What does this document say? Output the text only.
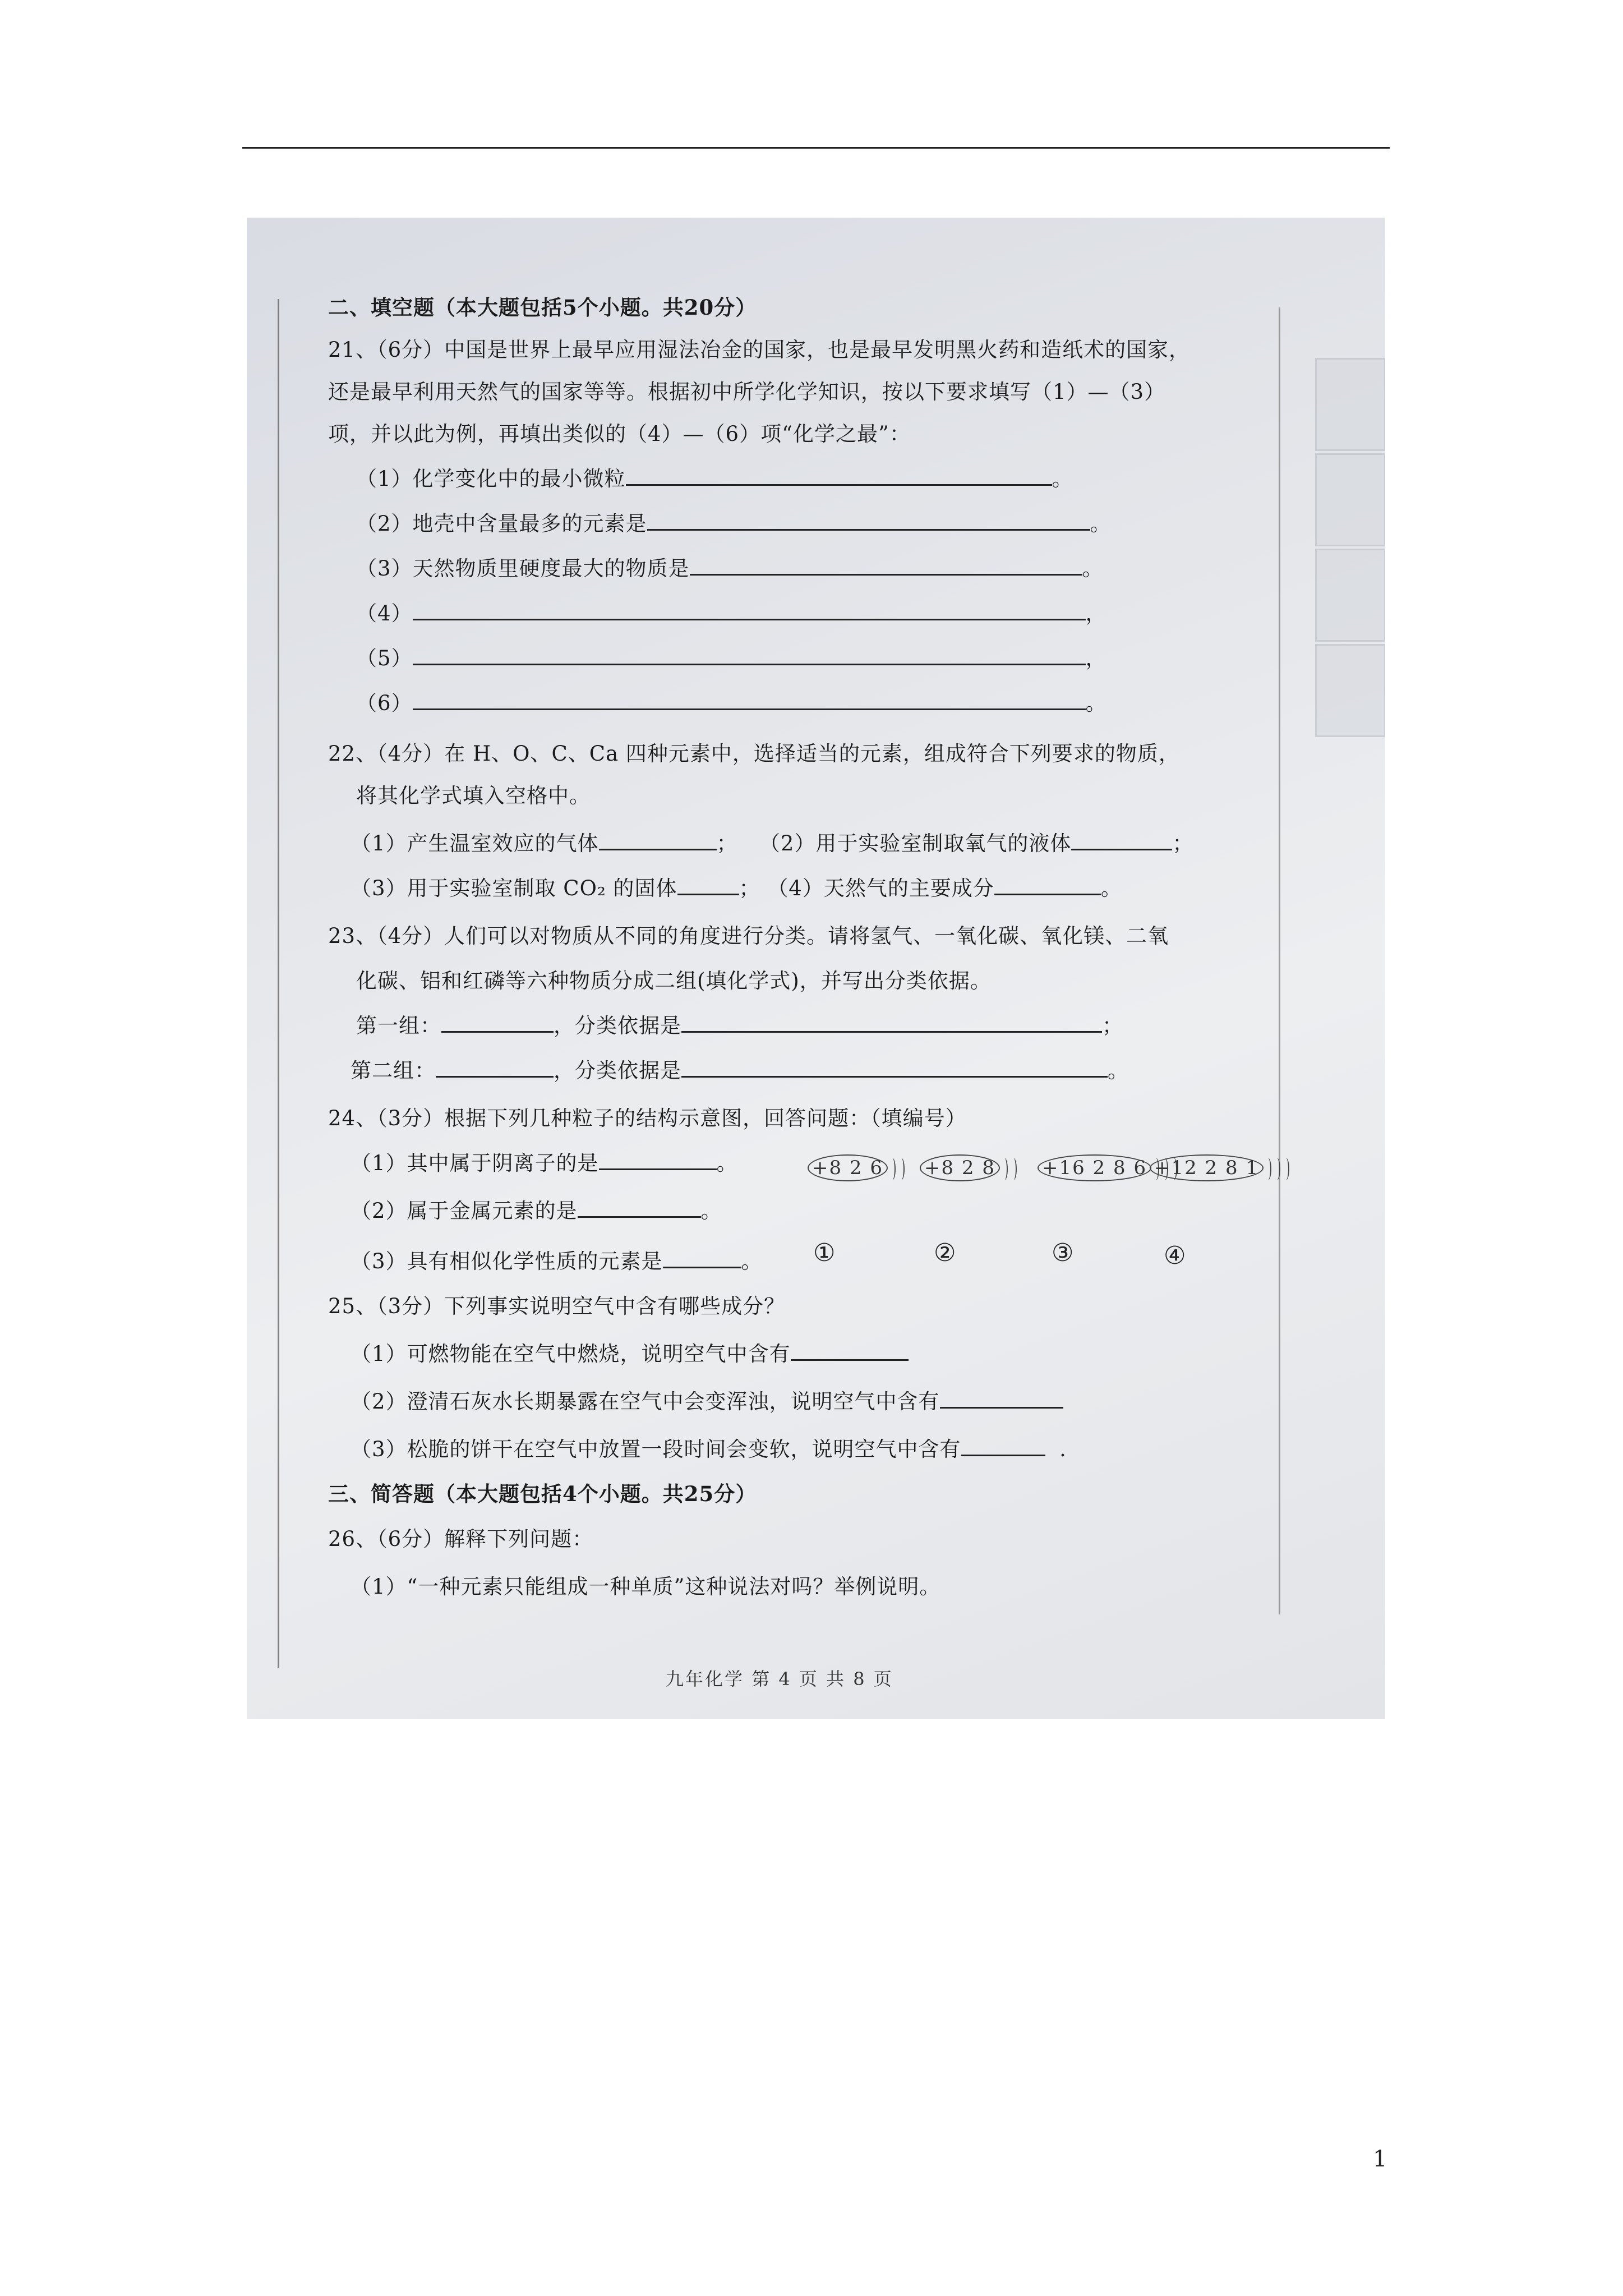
二、填空题（本大题包括5个小题。共20分）
21、（6分）中国是世界上最早应用湿法冶金的国家，也是最早发明黑火药和造纸术的国家，
还是最早利用天然气的国家等等。根据初中所学化学知识，按以下要求填写（1）—（3）
项，并以此为例，再填出类似的（4）—（6）项“化学之最”：
（1）化学变化中的最小微粒	。
（2）地壳中含量最多的元素是	。
（3）天然物质里硬度最大的物质是	。
（4）	，
（5）	，
（6）	。
22、（4分）在 H、O、C、Ca 四种元素中，选择适当的元素，组成符合下列要求的物质，
将其化学式填入空格中。
（1）产生温室效应的气体	；   （2）用于实验室制取氧气的液体	；
（3）用于实验室制取 CO₂ 的固体	； （4）天然气的主要成分	。
23、（4分）人们可以对物质从不同的角度进行分类。请将氢气、一氧化碳、氧化镁、二氧
化碳、铝和红磷等六种物质分成二组(填化学式)，并写出分类依据。
第一组：	，分类依据是	；
第二组：	，分类依据是	。
24、（3分）根据下列几种粒子的结构示意图，回答问题：（填编号）
（1）其中属于阴离子的是	。
（2）属于金属元素的是	。
（3）具有相似化学性质的元素是	。
+8 2 6	+8 2 8	+16 2 8 6 +12 2 8 1
①	②	③	④
25、（3分）下列事实说明空气中含有哪些成分？
（1）可燃物能在空气中燃烧，说明空气中含有
（2）澄清石灰水长期暴露在空气中会变浑浊，说明空气中含有
（3）松脆的饼干在空气中放置一段时间会变软，说明空气中含有	.
三、简答题（本大题包括4个小题。共25分）
26、（6分）解释下列问题：
（1）“一种元素只能组成一种单质”这种说法对吗？举例说明。
九年化学 第 4 页 共 8 页
1
